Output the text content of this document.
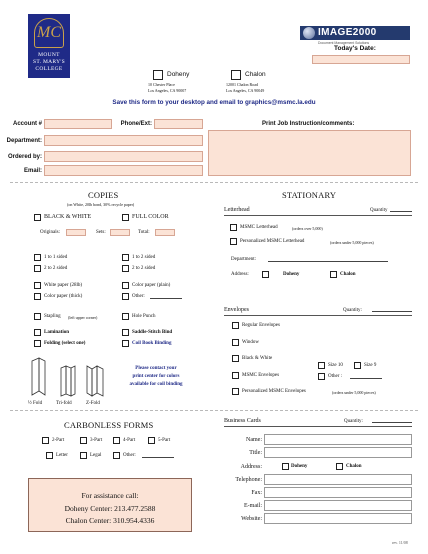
MC
MOUNT
ST. MARY'S
COLLEGE
IMAGE2000
Document Management Solutions
Today's Date:
Doheny
10 Chester Place
Los Angeles, CA 90007
Chalon
12001 Chalon Road
Los Angeles, CA 90049
Save this form to your desktop and email to graphics@msmc.la.edu
Account #	Phone/Ext:	Print Job Instruction/comments:
Department:
Ordered by:
Email:
COPIES
(on White, 20lb bond, 30% recycle paper)
BLACK & WHITE	FULL COLOR
Originals:	Sets:	Total:
1 to 1 sided
2 to 2 sided
1 to 2 sided
2 to 2 sided
White paper (28lb)
Color paper (thick)
Color paper (plain)
Other:
Stapling (left upper corner)	Hole Punch
Lamination	Saddle-Stitch Bind
Folding (select one)	Coil Book Binding
Please contact your
print center for colors
available for coil binding
½ Fold	Tri-fold	Z-Fold
STATIONARY
Letterhead	Quantity
MSMC Letterhead	(orders over 5,000)
Personalized MSMC Letterhead	(orders under 5,000 pieces)
Department:
Address:	Doheny	Chalon
Envelopes	Quantity:
Regular Envelopes
Window
Black & White
MSMC Envelopes
Size 10	Size 9
Other :
Personalized MSMC Envelopes	(orders under 5,000 pieces)
CARBONLESS FORMS
2-Part	3-Part	4-Part	5-Part
Letter	Legal	Other:
For assistance call:
Doheny Center: 213.477.2588
Chalon Center: 310.954.4336
Business Cards	Quantity:
Name:
Title:
Address:	Doheny	Chalon
Telephone:
Fax:
E-mail:
Website:
rev. 11/08
